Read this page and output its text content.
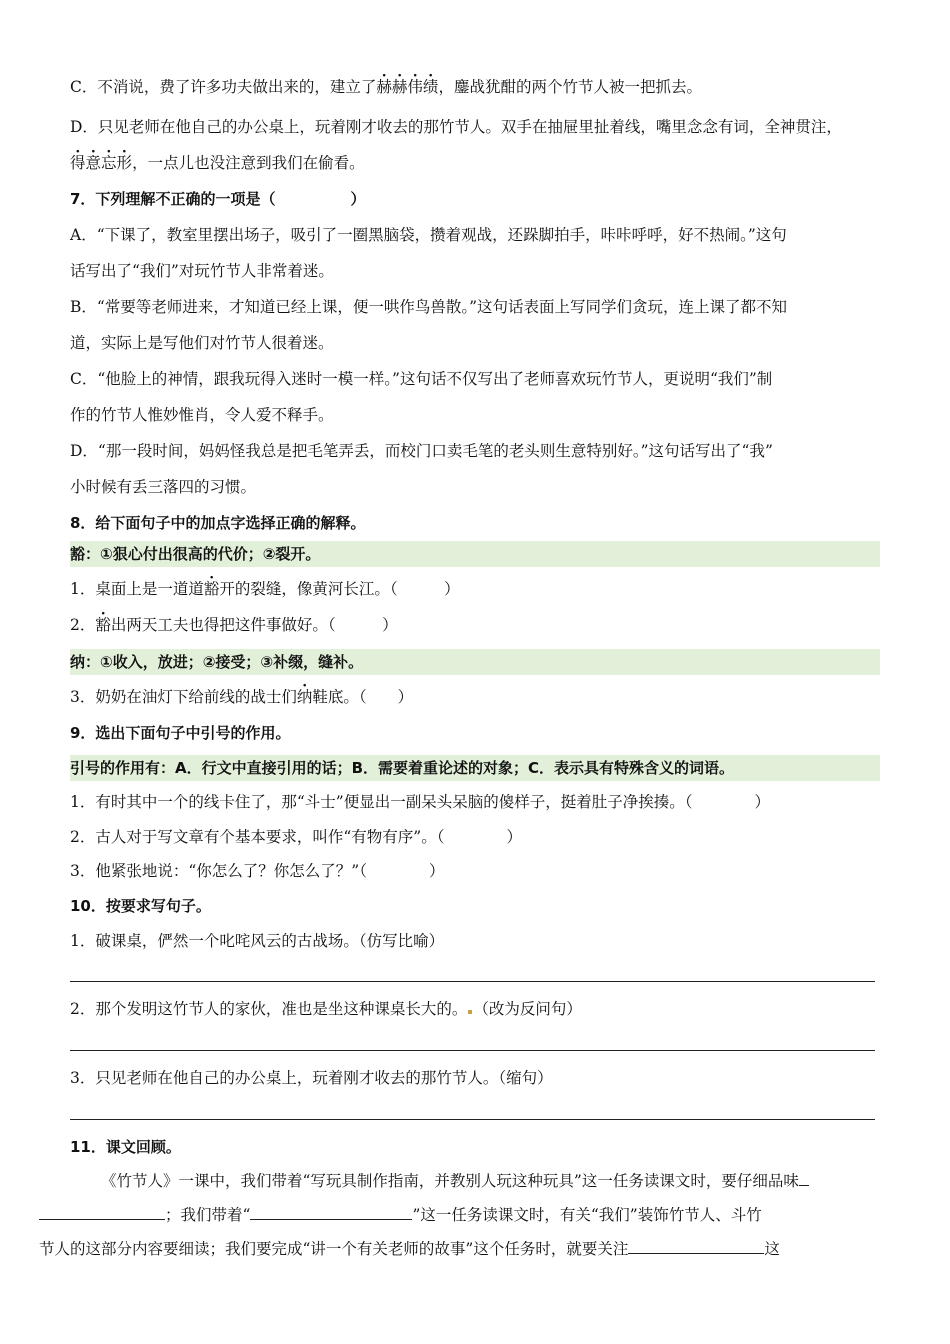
C．不消说，费了许多功夫做出来的，建立了赫赫伟绩，鏖战犹酣的两个竹节人被一把抓去。
D．只见老师在他自己的办公桌上，玩着刚才收去的那竹节人。双手在抽屉里扯着线，嘴里念念有词，全神贯注，
得意忘形，一点儿也没注意到我们在偷看。
7．下列理解不正确的一项是（　　　　　）
A．“下课了，教室里摆出场子，吸引了一圈黑脑袋，攒着观战，还跺脚拍手，咔咔呼呼，好不热闹。”这句
话写出了“我们”对玩竹节人非常着迷。
B．“常要等老师进来，才知道已经上课，便一哄作鸟兽散。”这句话表面上写同学们贪玩，连上课了都不知
道，实际上是写他们对竹节人很着迷。
C．“他脸上的神情，跟我玩得入迷时一模一样。”这句话不仅写出了老师喜欢玩竹节人，更说明“我们”制
作的竹节人惟妙惟肖，令人爱不释手。
D．“那一段时间，妈妈怪我总是把毛笔弄丢，而校门口卖毛笔的老头则生意特别好。”这句话写出了“我”
小时候有丢三落四的习惯。
8．给下面句子中的加点字选择正确的解释。
豁：①狠心付出很高的代价；②裂开。
1．桌面上是一道道豁开的裂缝，像黄河长江。（　　　）
2．豁出两天工夫也得把这件事做好。（　　　）
纳：①收入，放进；②接受；③补缀，缝补。
3．奶奶在油灯下给前线的战士们纳鞋底。（　　）
9．选出下面句子中引号的作用。
引号的作用有：A．行文中直接引用的话；B．需要着重论述的对象；C．表示具有特殊含义的词语。
1．有时其中一个的线卡住了，那“斗士”便显出一副呆头呆脑的傻样子，挺着肚子净挨揍。（　　　　）
2．古人对于写文章有个基本要求，叫作“有物有序”。（　　　　）
3．他紧张地说：“你怎么了？你怎么了？”（　　　　）
10．按要求写句子。
1．破课桌，俨然一个叱咤风云的古战场。（仿写比喻）
2．那个发明这竹节人的家伙，准也是坐这种课桌长大的。 （改为反问句）
3．只见老师在他自己的办公桌上，玩着刚才收去的那竹节人。（缩句）
11．课文回顾。
《竹节人》一课中，我们带着“写玩具制作指南，并教别人玩这种玩具”这一任务读课文时，要仔细品味
；我们带着“	”这一任务读课文时，有关“我们”装饰竹节人、斗竹
节人的这部分内容要细读；我们要完成“讲一个有关老师的故事”这个任务时，就要关注	这
